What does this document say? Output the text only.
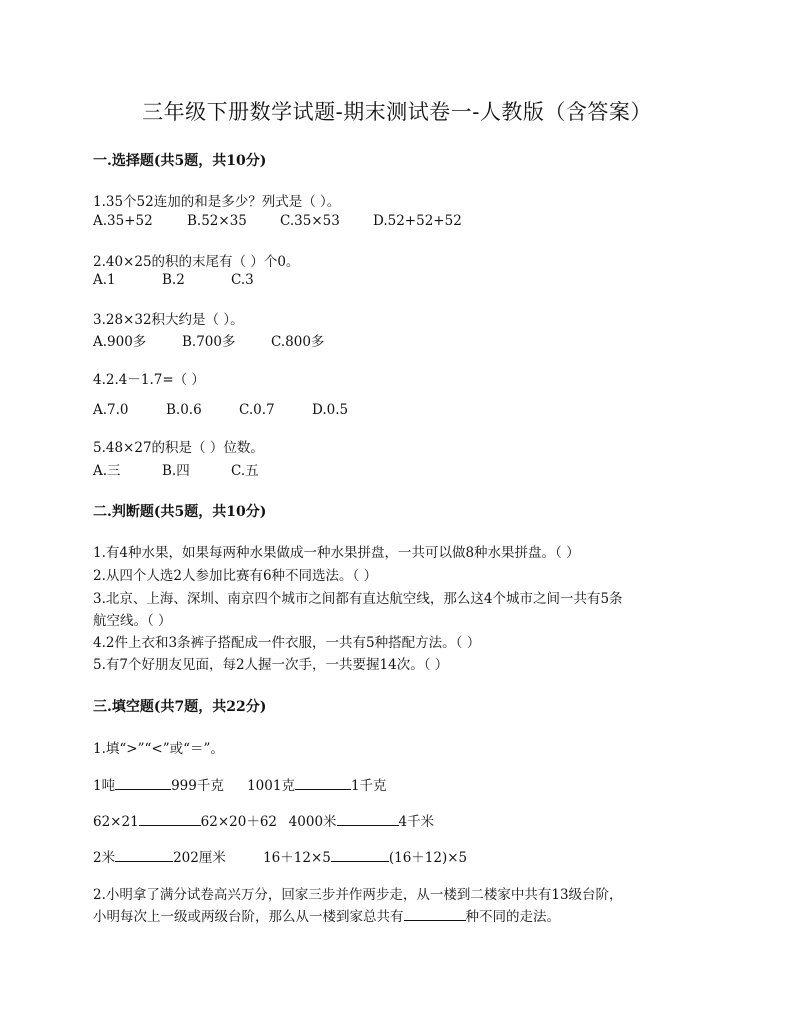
三年级下册数学试题-期末测试卷一-人教版（含答案）
一.选择题(共5题，共10分)
1.35个52连加的和是多少？列式是（ ）。
A.35+52	B.52×35 C.35×53 D.52+52+52
2.40×25的积的末尾有（ ）个0。
A.1	B.2	C.3
3.28×32积大约是（ ）。
A.900多	B.700多	C.800多
4.2.4－1.7=（ ）
A.7.0	B.0.6	C.0.7	D.0.5
5.48×27的积是（ ）位数。
A.三	B.四	C.五
二.判断题(共5题，共10分)
1.有4种水果，如果每两种水果做成一种水果拼盘，一共可以做8种水果拼盘。（ ）
2.从四个人选2人参加比赛有6种不同选法。（ ）
3.北京、上海、深圳、南京四个城市之间都有直达航空线，那么这4个城市之间一共有5条
航空线。（ ）
4.2件上衣和3条裤子搭配成一件衣服，一共有5种搭配方法。（ ）
5.有7个好朋友见面，每2人握一次手，一共要握14次。（ ）
三.填空题(共7题，共22分)
1.填“>”“<”或“＝”。
1吨	999千克 1001克	1千克
62×21	62×20＋62 4000米	4千米
2米	202厘米	16＋12×5	(16＋12)×5
2.小明拿了满分试卷高兴万分，回家三步并作两步走，从一楼到二楼家中共有13级台阶，
小明每次上一级或两级台阶，那么从一楼到家总共有	种不同的走法。
